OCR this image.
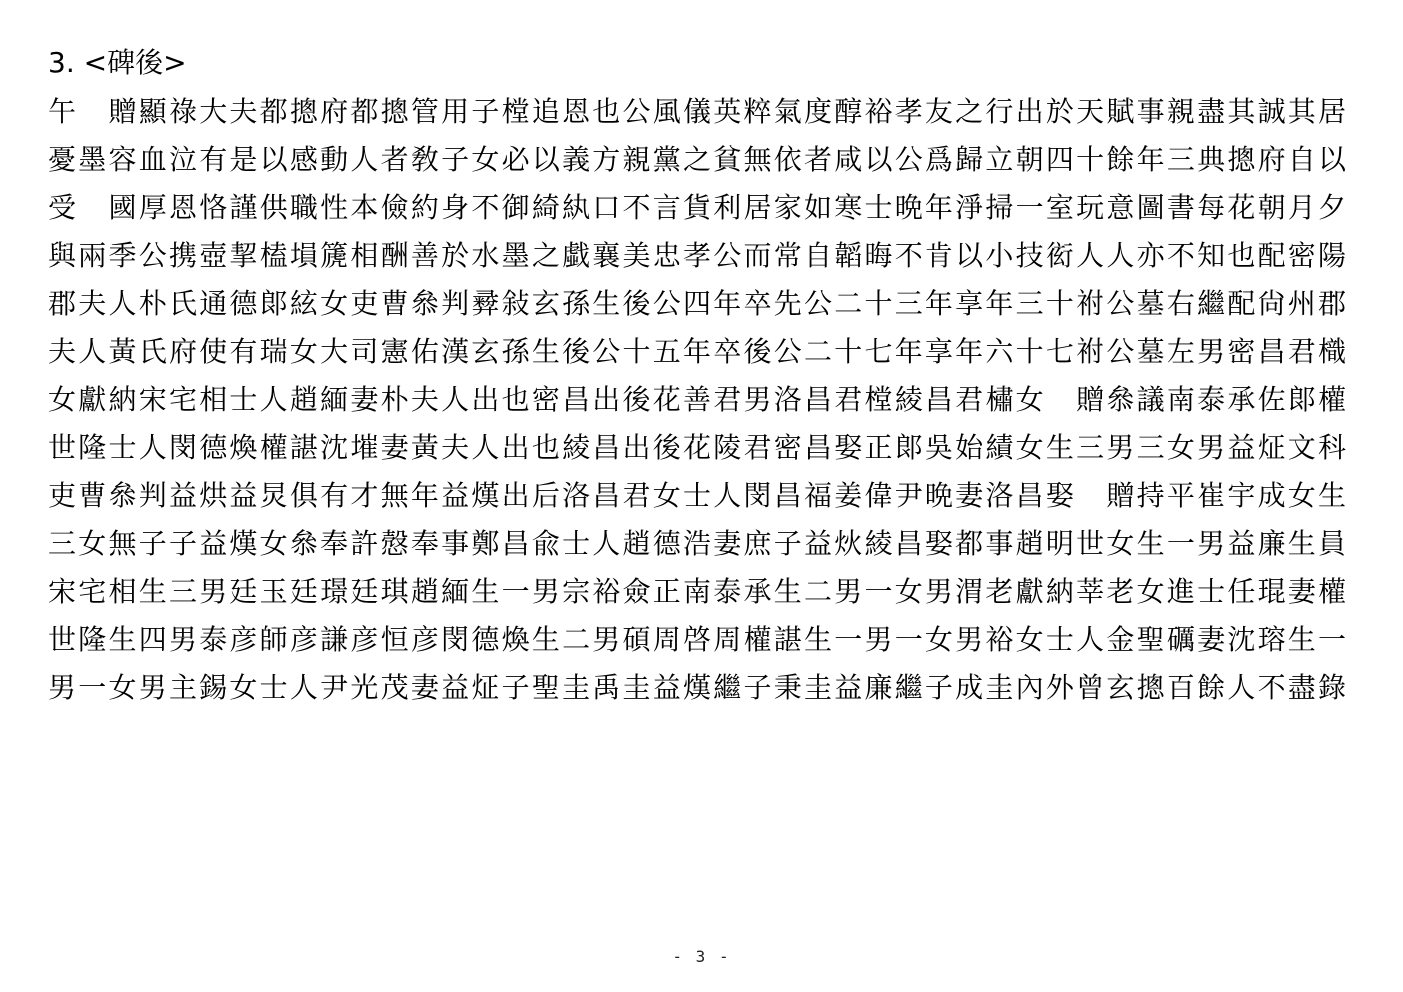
3. <碑後>
午　贈顯祿大夫都摠府都摠管用子樘追恩也公風儀英粹氣度醇裕孝友之行出於天賦事親盡其誠其居
憂墨容血泣有是以感動人者敎子女必以義方親黨之貧無依者咸以公爲歸立朝四十餘年三典摠府自以
受　國厚恩恪謹供職性本儉約身不御綺紈口不言貨利居家如寒士晩年淨掃一室玩意圖書每花朝月夕
與兩季公携壺挈榼塤篪相酬善於水墨之戱襄美忠孝公而常自韜晦不肯以小技衒人人亦不知也配密陽
郡夫人朴氏通德郞絃女吏曹叅判彛敍玄孫生後公四年卒先公二十三年享年三十祔公墓右繼配尙州郡
夫人黃氏府使有瑞女大司憲佑漢玄孫生後公十五年卒後公二十七年享年六十七祔公墓左男密昌君樴
女獻納宋宅相士人趙緬妻朴夫人出也密昌出後花善君男洛昌君樘綾昌君橚女　贈叅議南泰承佐郞權
世隆士人閔德煥權諶沈墔妻黃夫人出也綾昌出後花陵君密昌娶正郞吳始績女生三男三女男益炡文科
吏曹叅判益烘益炅俱有才無年益熯出后洛昌君女士人閔昌福姜偉尹晩妻洛昌娶　贈持平崔宇成女生
三女無子子益熯女叅奉許慤奉事鄭昌兪士人趙德浩妻庶子益炏綾昌娶都事趙明世女生一男益廉生員
宋宅相生三男廷玉廷璟廷琪趙緬生一男宗裕僉正南泰承生二男一女男渭老獻納莘老女進士任琨妻權
世隆生四男泰彦師彦謙彦恒彦閔德煥生二男碩周啓周權諶生一男一女男裕女士人金聖礪妻沈瑢生一
男一女男主錫女士人尹光茂妻益炡子聖圭禹圭益熯繼子秉圭益廉繼子成圭內外曾玄摠百餘人不盡錄
- 3 -
